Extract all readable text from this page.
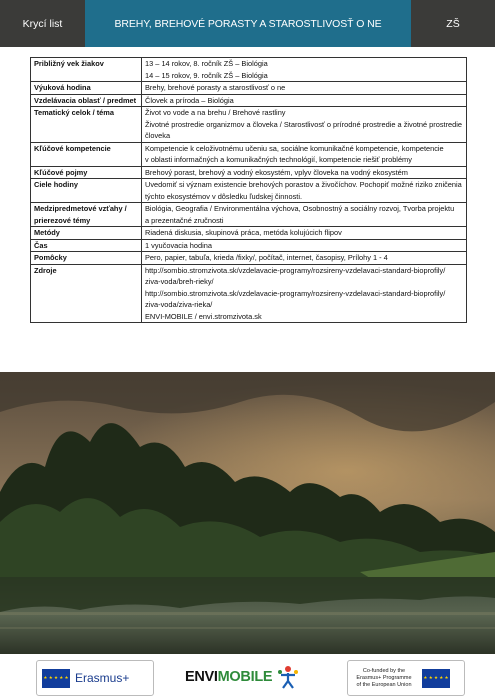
Krycí list	BREHY, BREHOVÉ PORASTY A STAROSTLIVOSŤ O NE	ZŠ
Približný vek žiakov	13 – 14 rokov, 8. ročník ZŠ – Biológia
14 – 15 rokov, 9. ročník ZŠ – Biológia

Výuková hodina	Brehy, brehové porasty a starostlivosť o ne

Vzdelávacia oblasť / predmet	Človek a príroda – Biológia

Tematický celok / téma	Život vo vode a na brehu / Brehové rastliny
Životné prostredie organizmov a človeka / Starostlivosť o prírodné prostredie a životné prostredie
človeka

Kľúčové kompetencie	Kompetencie k celoživotnému učeniu sa, sociálne komunikačné kompetencie, kompetencie
v oblasti informačných a komunikačných technológií, kompetencie riešiť problémy

Kľúčové pojmy	Brehový porast, brehový a vodný ekosystém, vplyv človeka na vodný ekosystém

Ciele hodiny	Uvedomiť si význam existencie brehových porastov a živočíchov. Pochopiť možné riziko zničenia
týchto ekosystémov v dôsledku ľudskej činnosti.

Medzipredmetové vzťahy / prierezové témy	Biológia, Geografia / Environmentálna výchova, Osobnostný a sociálny rozvoj, Tvorba projektu
a prezentačné zručnosti

Metódy	Riadená diskusia, skupinová práca, metóda kolujúcich flipov

Čas	1 vyučovacia hodina

Pomôcky	Pero, papier, tabuľa, krieda /fixky/, počítač, internet, časopisy, Prílohy 1 - 4

Zdroje	http://sombio.stromzivota.sk/vzdelavacie-programy/rozsireny-vzdelavaci-standard-bioprofily/
ziva-voda/breh-rieky/
http://sombio.stromzivota.sk/vzdelavacie-programy/rozsireny-vzdelavaci-standard-bioprofily/
ziva-voda/ziva-rieka/
ENVI-MOBILE / envi.stromzivota.sk
★ ★ ★ ★ ★ Erasmus+	ENVIMOBILE	Co-funded by the Erasmus+ Programme of the European Union
★ ★ ★ ★ ★
